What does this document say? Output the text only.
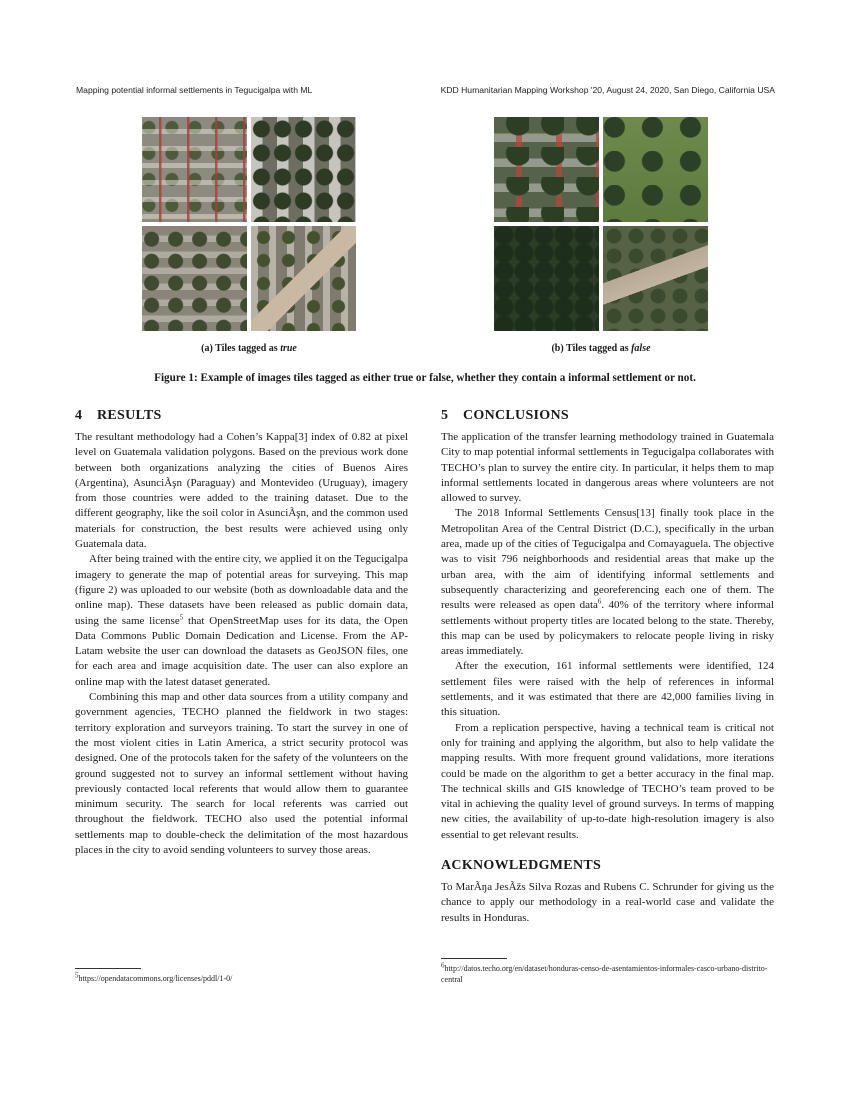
Mapping potential informal settlements in Tegucigalpa with ML	KDD Humanitarian Mapping Workshop '20, August 24, 2020, San Diego, California USA
(a) Tiles tagged as true	(b) Tiles tagged as false
Figure 1: Example of images tiles tagged as either true or false, whether they contain a informal settlement or not.
4 RESULTS

The resultant methodology had a Cohen’s Kappa[3] index of 0.82 at pixel level on Guatemala validation polygons. Based on the previous work done between both organizations analyzing the cities of Buenos Aires (Argentina), AsunciÃşn (Paraguay) and Montevideo (Uruguay), imagery from those countries were added to the training dataset. Due to the different geography, like the soil color in AsunciÃşn, and the common used materials for construction, the best results were achieved using only Guatemala data.

After being trained with the entire city, we applied it on the Tegucigalpa imagery to generate the map of potential areas for surveying. This map (figure 2) was uploaded to our website (both as downloadable data and the online map). These datasets have been released as public domain data, using the same license$^5$ that OpenStreetMap uses for its data, the Open Data Commons Public Domain Dedication and License. From the AP-Latam website the user can download the datasets as GeoJSON files, one for each area and image acquisition date. The user can also explore an online map with the latest dataset generated.

Combining this map and other data sources from a utility company and government agencies, TECHO planned the fieldwork in two stages: territory exploration and surveyors training. To start the survey in one of the most violent cities in Latin America, a strict security protocol was designed. One of the protocols taken for the safety of the volunteers on the ground suggested not to survey an informal settlement without having previously contacted local referents that would allow them to guarantee minimum security. The search for local referents was carried out throughout the fieldwork. TECHO also used the potential informal settlements map to double-check the delimitation of the most hazardous places in the city to avoid sending volunteers to survey those areas.

5 CONCLUSIONS

The application of the transfer learning methodology trained in Guatemala City to map potential informal settlements in Tegucigalpa collaborates with TECHO’s plan to survey the entire city. In particular, it helps them to map informal settlements located in dangerous areas where volunteers are not allowed to survey.

The 2018 Informal Settlements Census[13] finally took place in the Metropolitan Area of the Central District (D.C.), specifically in the urban area, made up of the cities of Tegucigalpa and Comayaguela. The objective was to visit 796 neighborhoods and residential areas that make up the urban area, with the aim of identifying informal settlements and subsequently characterizing and georeferencing each one of them. The results were released as open data$^6$. 40% of the territory where informal settlements without property titles are located belong to the state. Thereby, this map can be used by policymakers to relocate people living in risky areas immediately.

After the execution, 161 informal settlements were identified, 124 settlement files were raised with the help of references in informal settlements, and it was estimated that there are 42,000 families living in this situation.

From a replication perspective, having a technical team is critical not only for training and applying the algorithm, but also to help validate the mapping results. With more frequent ground validations, more iterations could be made on the algorithm to get a better accuracy in the final map. The technical skills and GIS knowledge of TECHO’s team proved to be vital in achieving the quality level of ground surveys. In terms of mapping new cities, the availability of up-to-date high-resolution imagery is also essential to get relevant results.

ACKNOWLEDGMENTS

To MarÃŋa JesÃžs Silva Rozas and Rubens C. Schrunder for giving us the chance to apply our methodology in a real-world case and validate the results in Honduras.

$^5$https://opendatacommons.org/licenses/pddl/1-0/
$^6$http://datos.techo.org/en/dataset/honduras-censo-de-asentamientos-informales-casco-urbano-distrito-central
